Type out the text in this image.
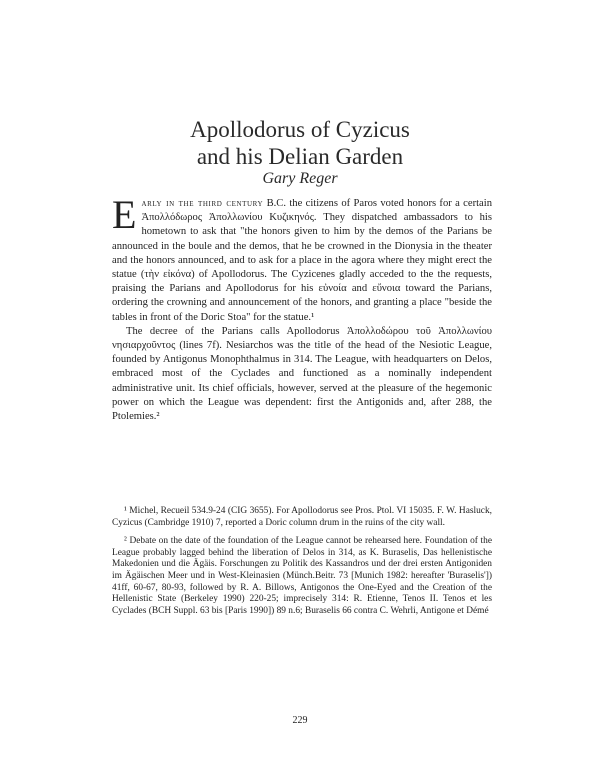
Apollodorus of Cyzicus
and his Delian Garden
Gary Reger

Early in the third century B.C. the citizens of Paros voted honors for a certain Ἀπολλόδωρος Ἀπολλωνίου Κυζικηνός. They dispatched ambassadors to his hometown to ask that "the honors given to him by the demos of the Parians be announced in the boule and the demos, that he be crowned in the Dionysia in the theater and the honors announced, and to ask for a place in the agora where they might erect the statue (τὴν εἰκόνα) of Apollodorus. The Cyzicenes gladly acceded to the the requests, praising the Parians and Apollodorus for his εὐνοία and εὔνοια toward the Parians, ordering the crowning and announcement of the honors, and granting a place "beside the tables in front of the Doric Stoa" for the statue.¹

The decree of the Parians calls Apollodorus Ἀπολλοδώρου τοῦ Ἀπολλωνίου νησιαρχοῦντος (lines 7f). Nesiarchos was the title of the head of the Nesiotic League, founded by Antigonus Monophthalmus in 314. The League, with headquarters on Delos, embraced most of the Cyclades and functioned as a nominally independent administrative unit. Its chief officials, however, served at the pleasure of the hegemonic power on which the League was dependent: first the Antigonids and, after 288, the Ptolemies.²

¹ Michel, Recueil 534.9-24 (CIG 3655). For Apollodorus see Pros. Ptol. VI 15035. F. W. Hasluck, Cyzicus (Cambridge 1910) 7, reported a Doric column drum in the ruins of the city wall.

² Debate on the date of the foundation of the League cannot be rehearsed here. Foundation of the League probably lagged behind the liberation of Delos in 314, as K. Buraselis, Das hellenistische Makedonien und die Ägäis. Forschungen zu Politik des Kassandros und der drei ersten Antigoniden im Ägäischen Meer und in West-Kleinasien (Münch.Beitr. 73 [Munich 1982: hereafter 'Buraselis']) 41ff, 60-67, 80-93, followed by R. A. Billows, Antigonos the One-Eyed and the Creation of the Hellenistic State (Berkeley 1990) 220-25; imprecisely 314: R. Etienne, Tenos II. Tenos et les Cyclades (BCH Suppl. 63 bis [Paris 1990]) 89 n.6; Buraselis 66 contra C. Wehrli, Antigone et Démé

229
